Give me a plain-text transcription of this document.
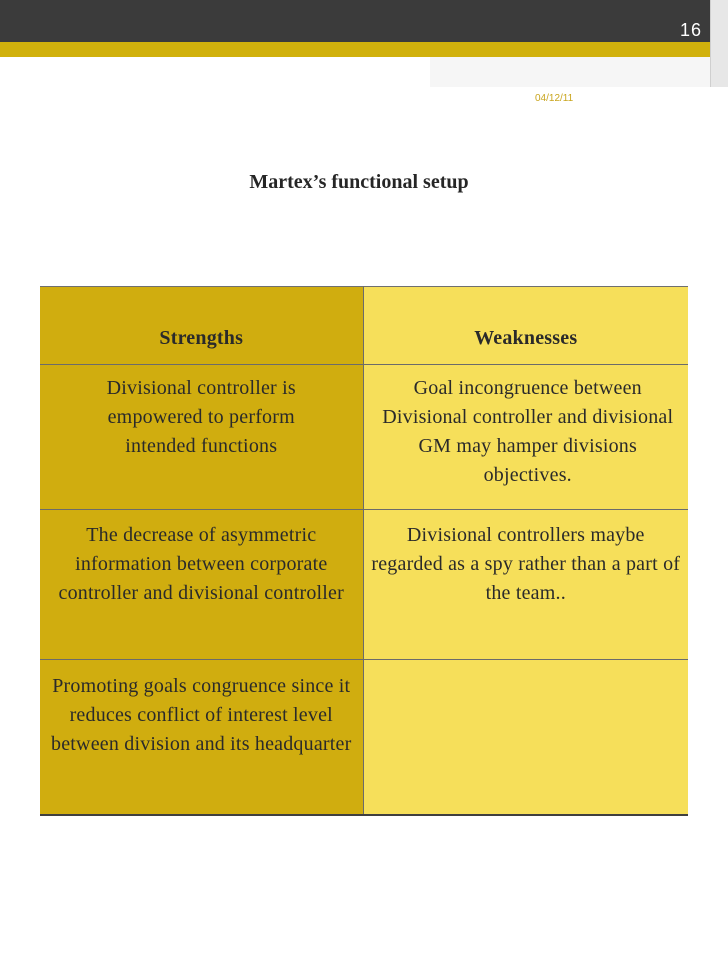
16
04/12/11
Martex’s functional setup
Strengths	Weaknesses
Divisional controller is empowered to perform intended functions	Goal incongruence between Divisional controller and divisional GM may hamper divisions objectives.
The decrease of asymmetric information between corporate controller and divisional controller	Divisional controllers maybe regarded as a spy rather than a part of the team..
Promoting goals congruence since it reduces conflict of interest level between division and its headquarter	
